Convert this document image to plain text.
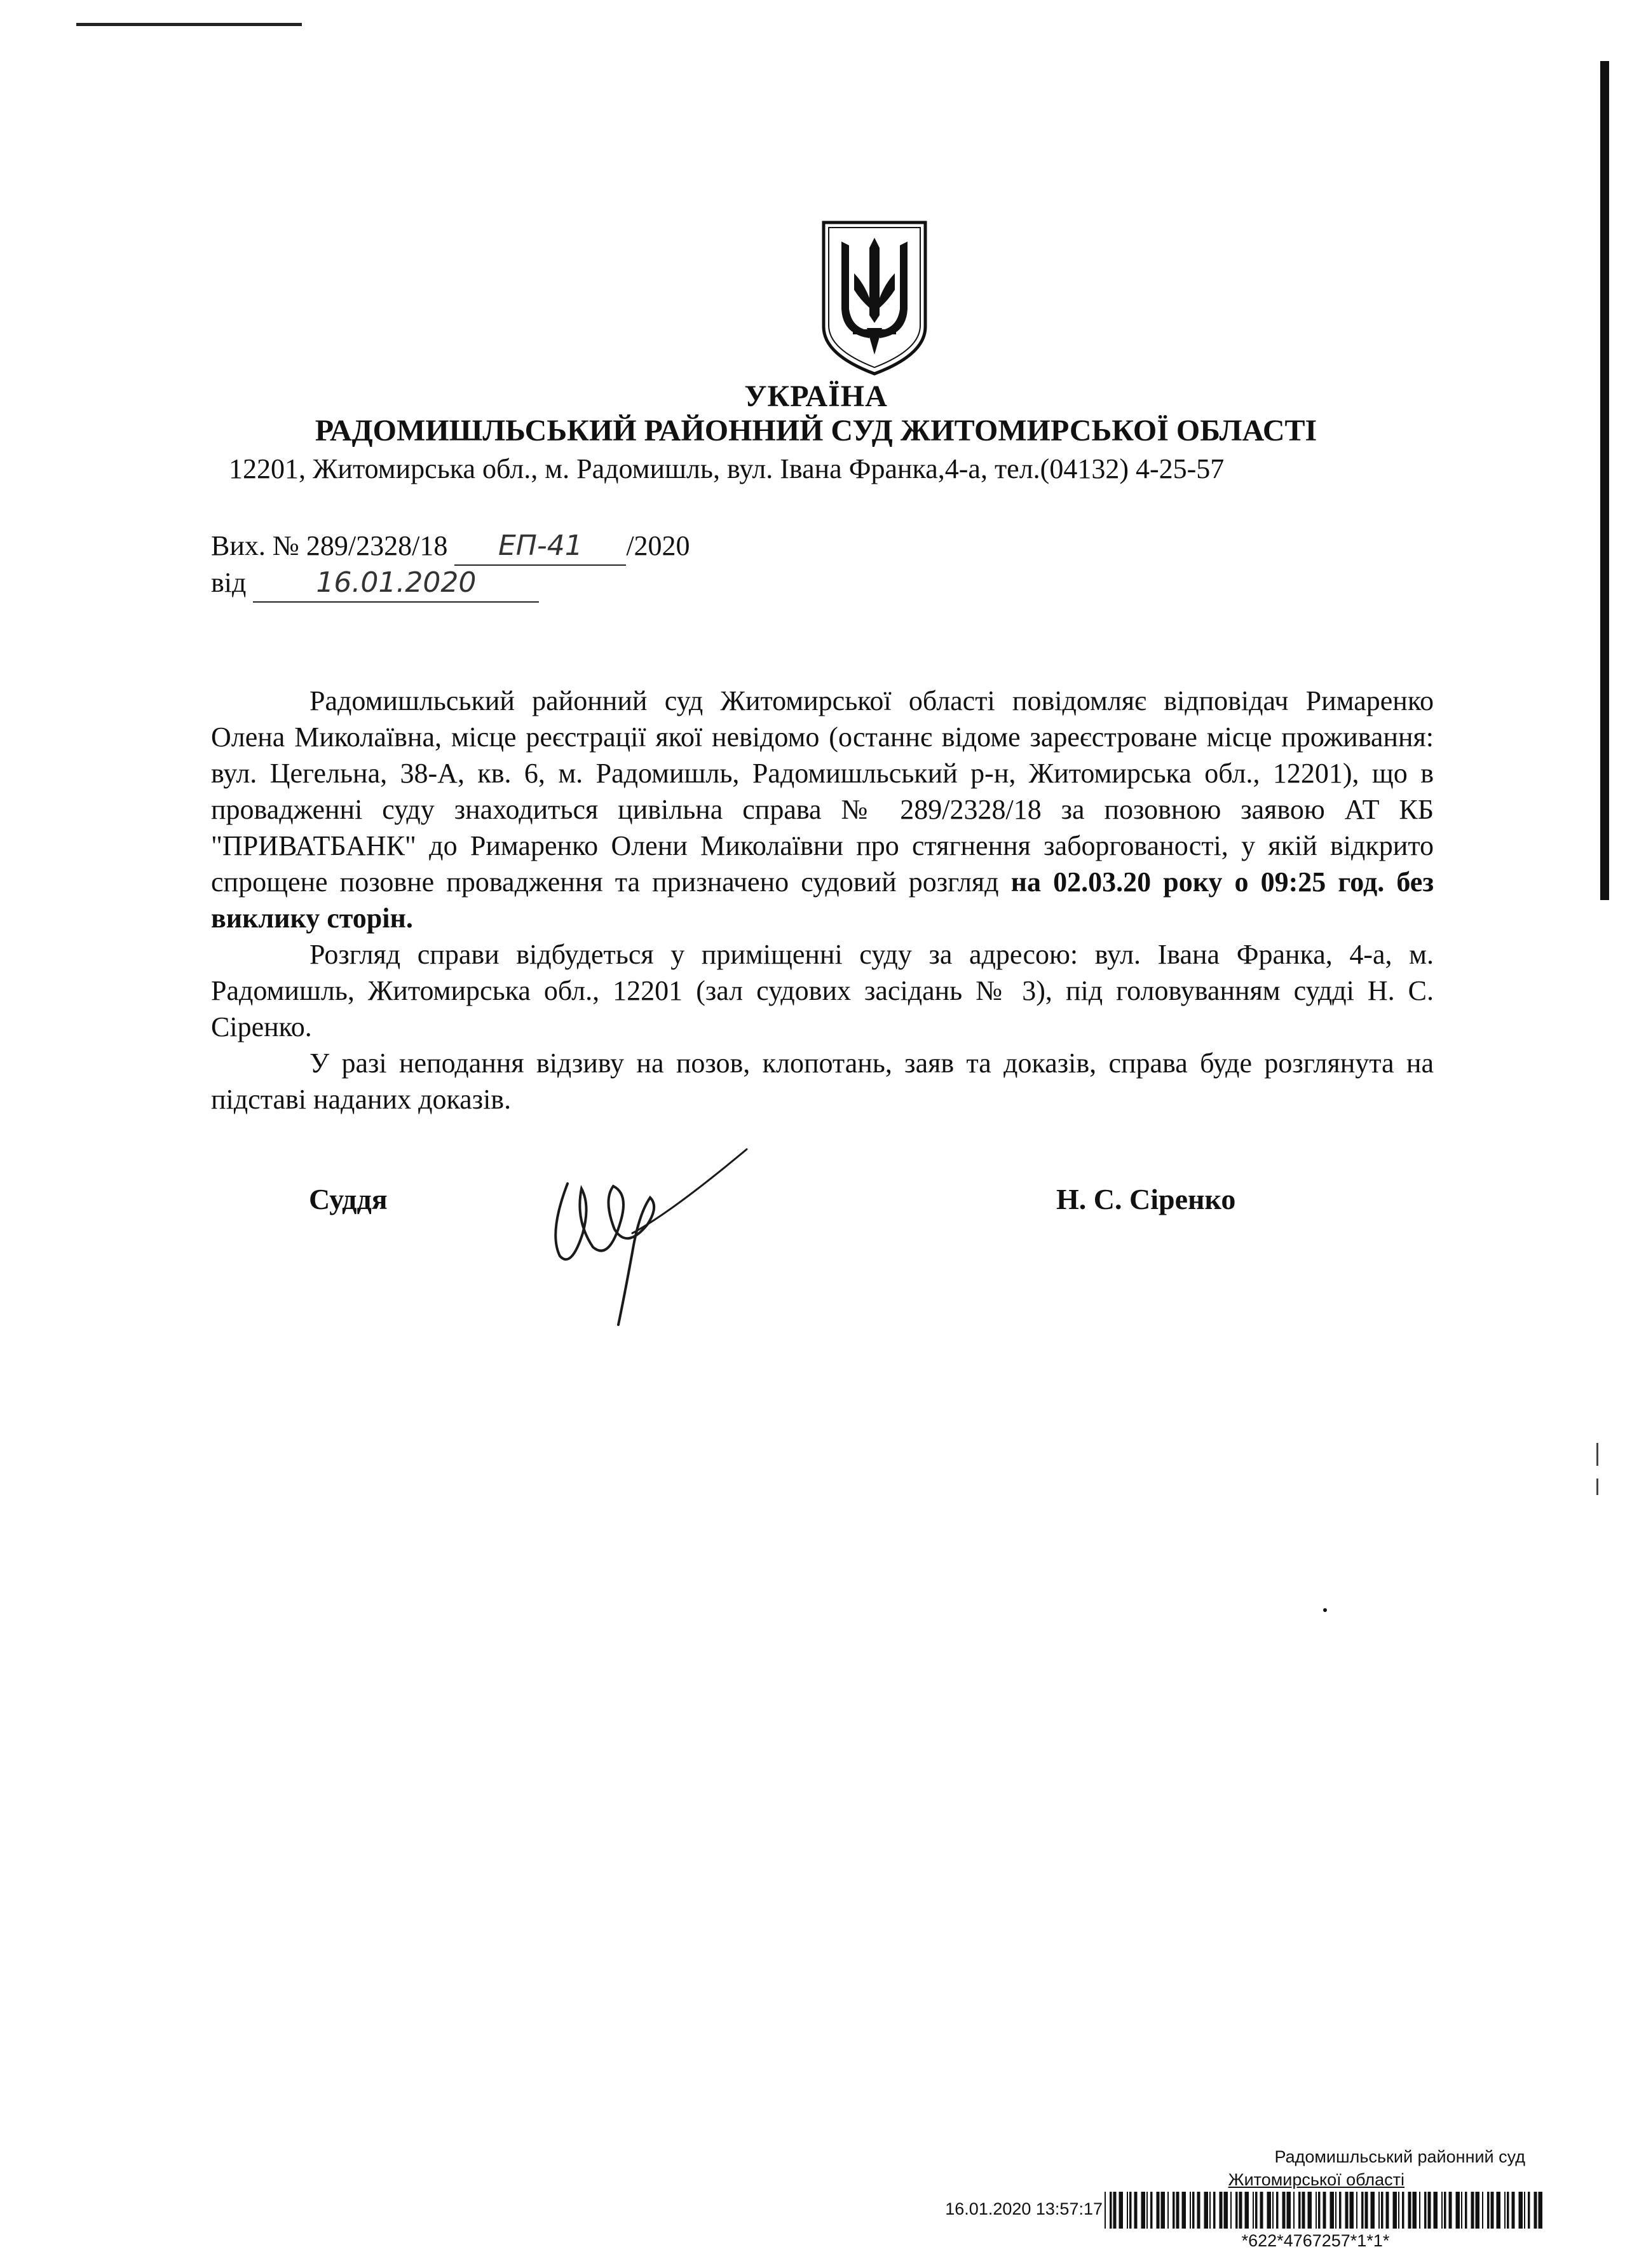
УКРАЇНА
РАДОМИШЛЬСЬКИЙ РАЙОННИЙ СУД ЖИТОМИРСЬКОЇ ОБЛАСТІ
12201, Житомирська обл., м. Радомишль, вул. Івана Франка,4-а, тел.(04132) 4-25-57
Вих. № 289/2328/18 ЕП-41 /2020
від	16.01.2020

Радомишльський районний суд Житомирської області повідомляє відповідач Римаренко Олена Миколаївна, місце реєстрації якої невідомо (останнє відоме зареєстроване місце проживання: вул. Цегельна, 38-А, кв. 6, м. Радомишль, Радомишльський р-н, Житомирська обл., 12201), що в провадженні суду знаходиться цивільна справа № 289/2328/18 за позовною заявою АТ КБ "ПРИВАТБАНК" до Римаренко Олени Миколаївни про стягнення заборгованості, у якій відкрито спрощене позовне провадження та призначено судовий розгляд на 02.03.20 року о 09:25 год. без виклику сторін.

Розгляд справи відбудеться у приміщенні суду за адресою: вул. Івана Франка, 4-а, м. Радомишль, Житомирська обл., 12201 (зал судових засідань № 3), під головуванням судді Н. С. Сіренко.

У разі неподання відзиву на позов, клопотань, заяв та доказів, справа буде розглянута на підставі наданих доказів.

Суддя	Н. С. Сіренко
Радомишльський районний суд
Житомирської області
16.01.2020 13:57:17
*622*4767257*1*1*
